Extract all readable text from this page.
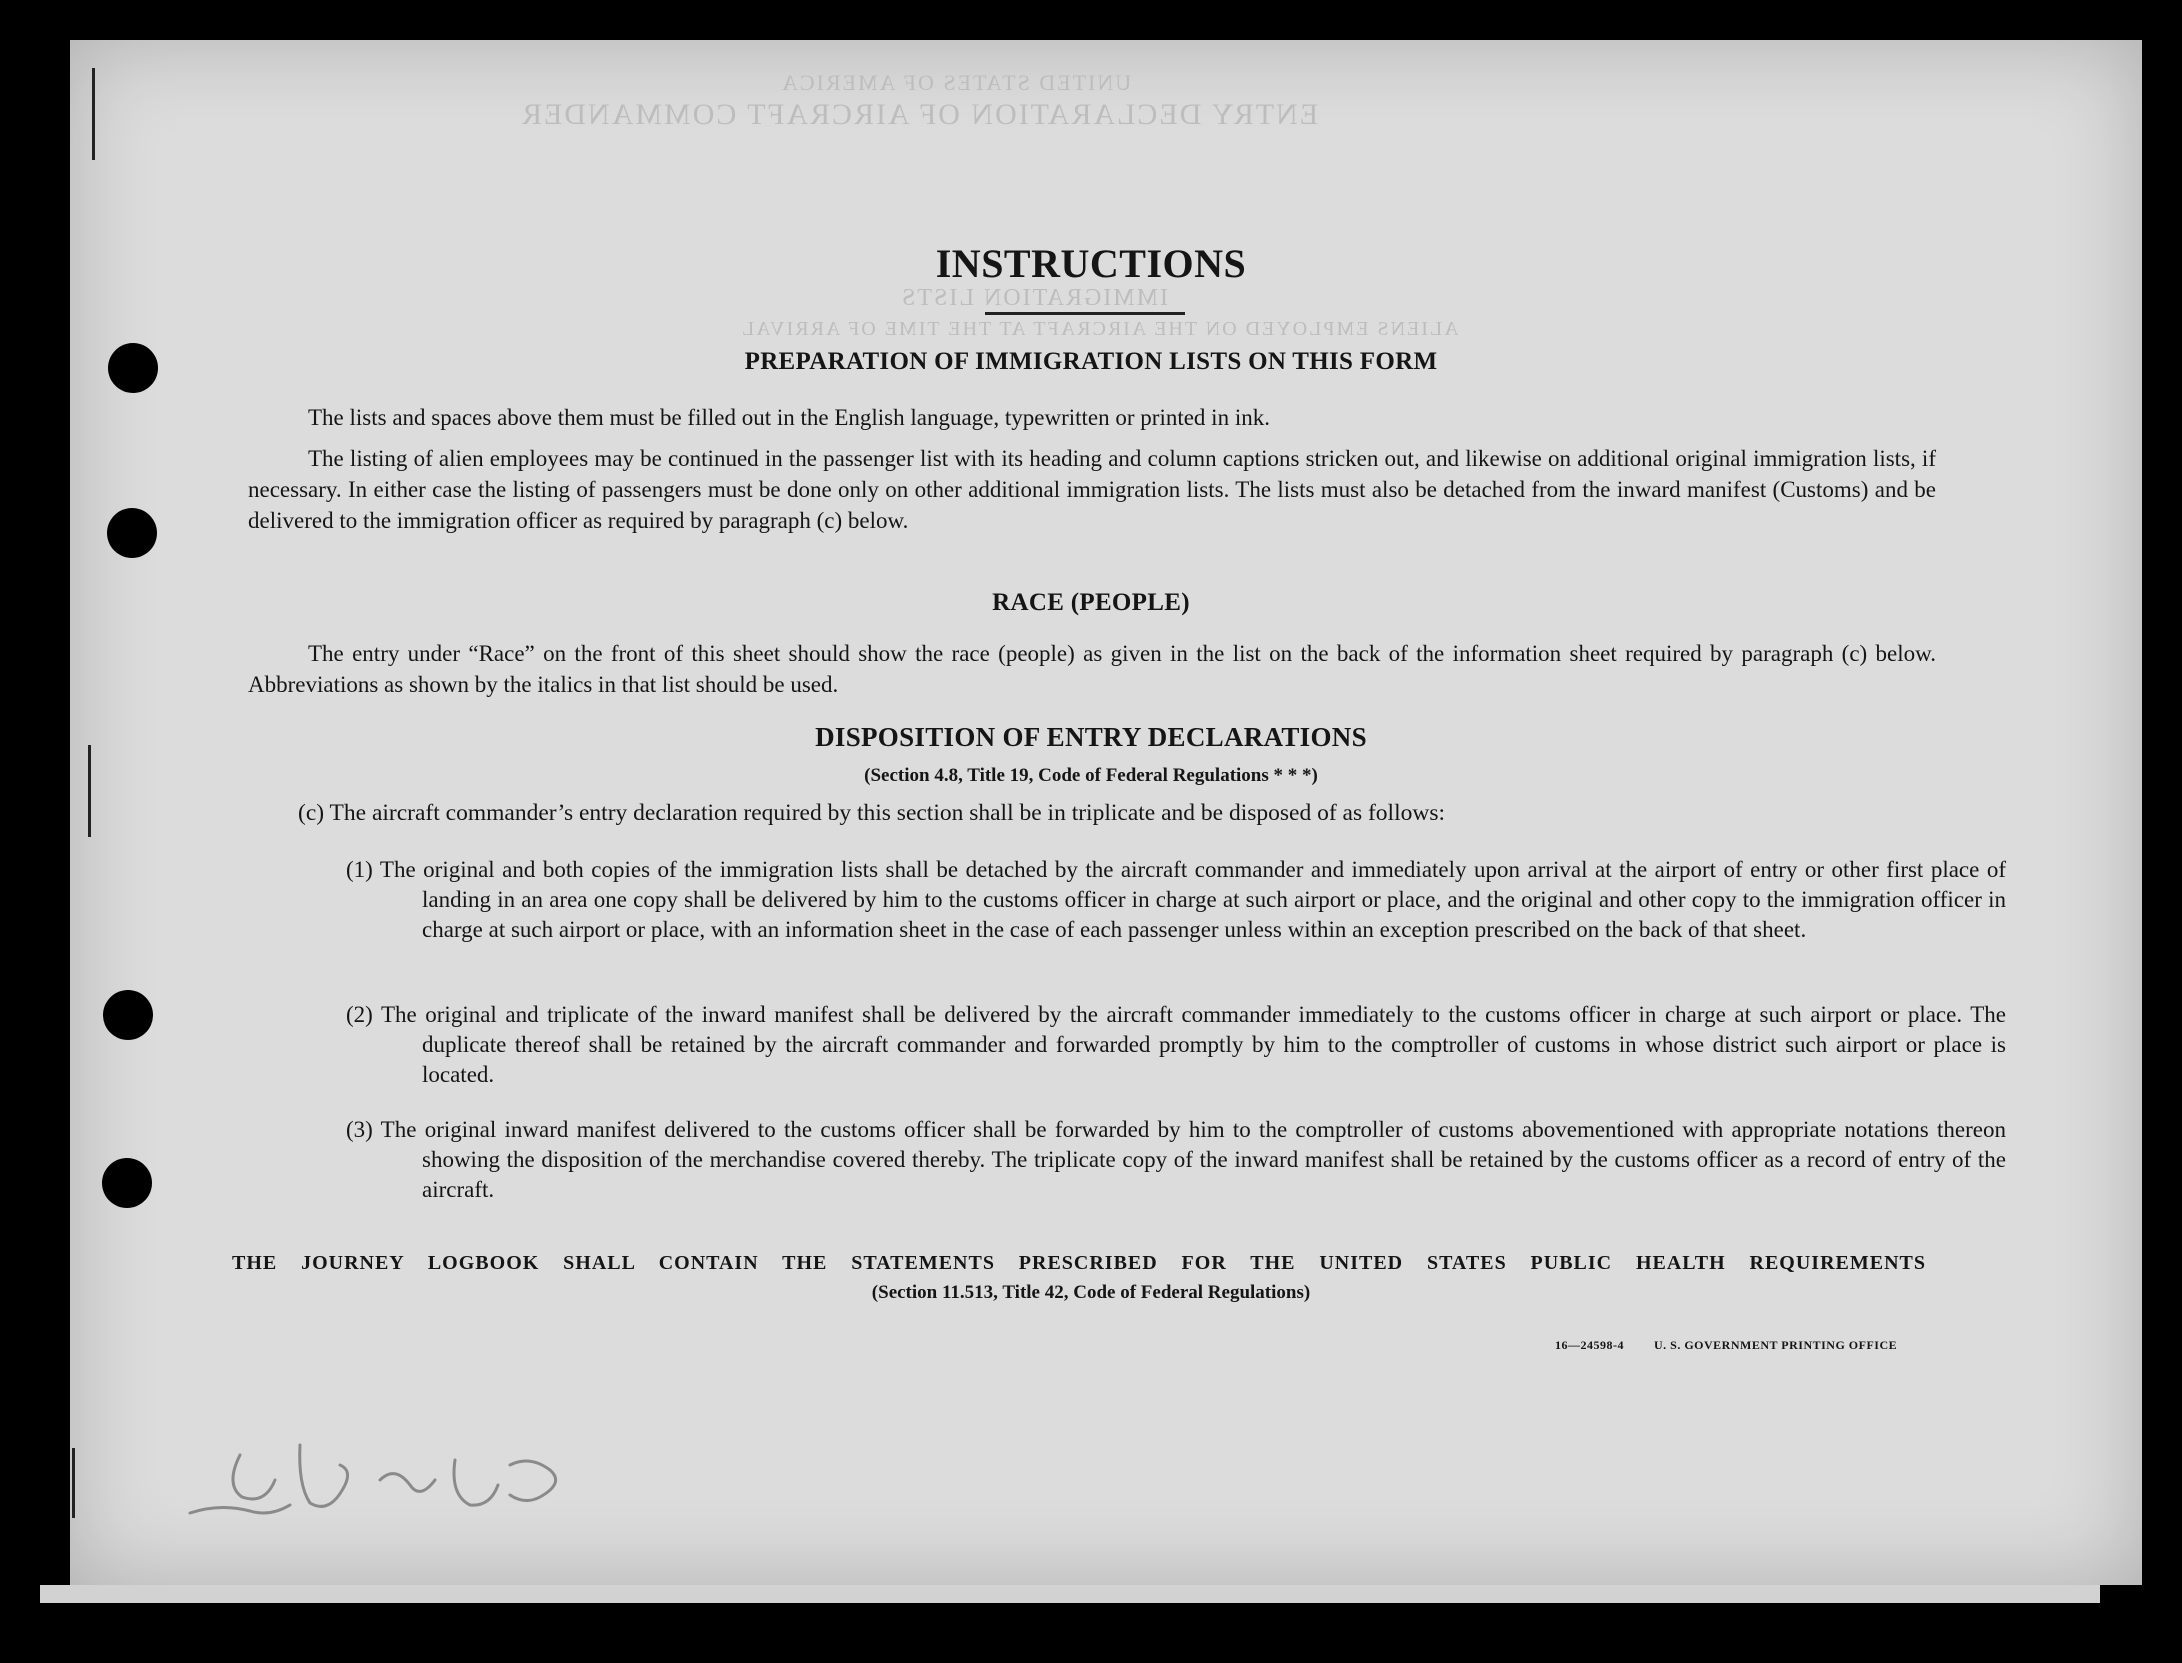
UNITED STATES OF AMERICA
ENTRY DECLARATION OF AIRCRAFT COMMANDER
IMMIGRATION LISTS
ALIENS EMPLOYED ON THE AIRCRAFT AT THE TIME OF ARRIVAL
INSTRUCTIONS
PREPARATION OF IMMIGRATION LISTS ON THIS FORM
The lists and spaces above them must be filled out in the English language, typewritten or printed in ink.
The listing of alien employees may be continued in the passenger list with its heading and column captions stricken out, and likewise on additional original immigration lists, if necessary. In either case the listing of passengers must be done only on other additional immigration lists. The lists must also be detached from the inward manifest (Customs) and be delivered to the immigration officer as required by paragraph (c) below.
RACE (PEOPLE)
The entry under “Race” on the front of this sheet should show the race (people) as given in the list on the back of the information sheet required by paragraph (c) below. Abbreviations as shown by the italics in that list should be used.
DISPOSITION OF ENTRY DECLARATIONS
(Section 4.8, Title 19, Code of Federal Regulations * * *)
(c) The aircraft commander’s entry declaration required by this section shall be in triplicate and be disposed of as follows:
(1) The original and both copies of the immigration lists shall be detached by the aircraft commander and immediately upon arrival at the airport of entry or other first place of landing in an area one copy shall be delivered by him to the customs officer in charge at such airport or place, and the original and other copy to the immigration officer in charge at such airport or place, with an information sheet in the case of each passenger unless within an exception prescribed on the back of that sheet.
(2) The original and triplicate of the inward manifest shall be delivered by the aircraft commander immediately to the customs officer in charge at such airport or place. The duplicate thereof shall be retained by the aircraft commander and forwarded promptly by him to the comptroller of customs in whose district such airport or place is located.
(3) The original inward manifest delivered to the customs officer shall be forwarded by him to the comptroller of customs abovementioned with appropriate notations thereon showing the disposition of the merchandise covered thereby. The triplicate copy of the inward manifest shall be retained by the customs officer as a record of entry of the aircraft.
THE JOURNEY LOGBOOK SHALL CONTAIN THE STATEMENTS PRESCRIBED FOR THE UNITED STATES PUBLIC HEALTH REQUIREMENTS
(Section 11.513, Title 42, Code of Federal Regulations)
16—24598-4	U. S. GOVERNMENT PRINTING OFFICE
